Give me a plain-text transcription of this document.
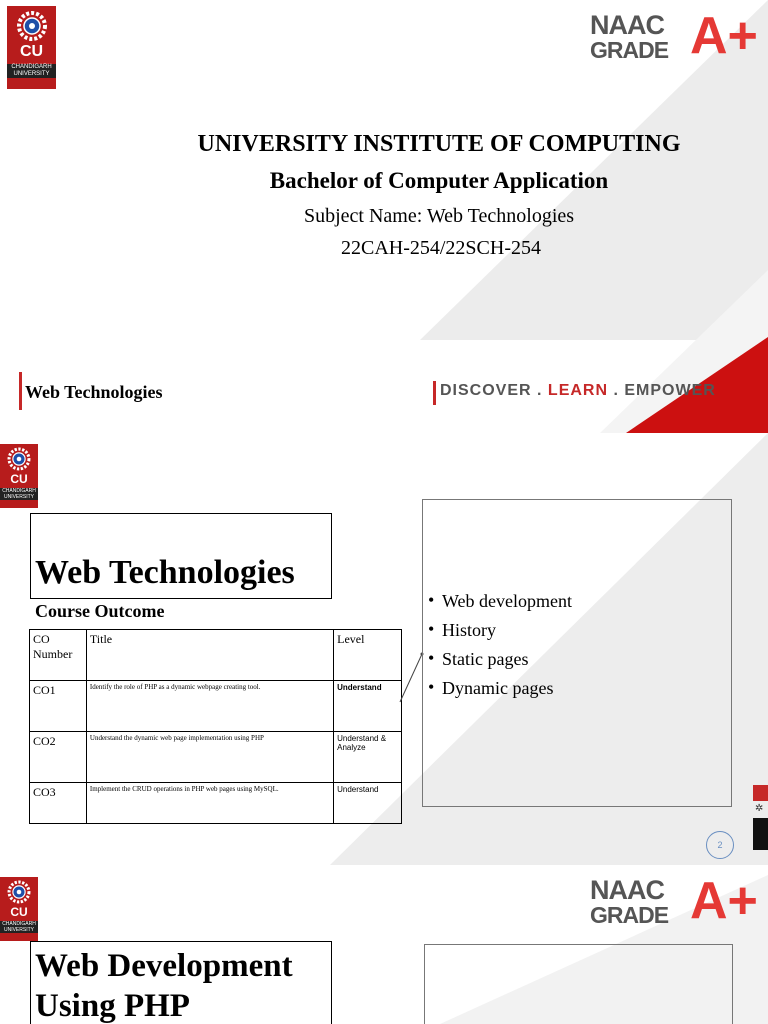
CU
CHANDIGARH UNIVERSITY
NAAC
GRADE A+
UNIVERSITY INSTITUTE OF COMPUTING
Bachelor of Computer Application
Subject Name: Web Technologies
22CAH-254/22SCH-254
Web Technologies	DISCOVER . LEARN . EMPOWER
CU
CHANDIGARH UNIVERSITY
Web Technologies
Course Outcome
CO Number	Title	Level
CO1	Identify the role of PHP as a dynamic webpage creating tool.	Understand
CO2	Understand the dynamic web page implementation using PHP	Understand & Analyze
CO3	Implement the CRUD operations in PHP web pages using MySQL.	Understand
• Web development
• History
• Static pages
• Dynamic pages
✲
2
CU
CHANDIGARH UNIVERSITY
NAAC
GRADE A+
Web Development
Using PHP
